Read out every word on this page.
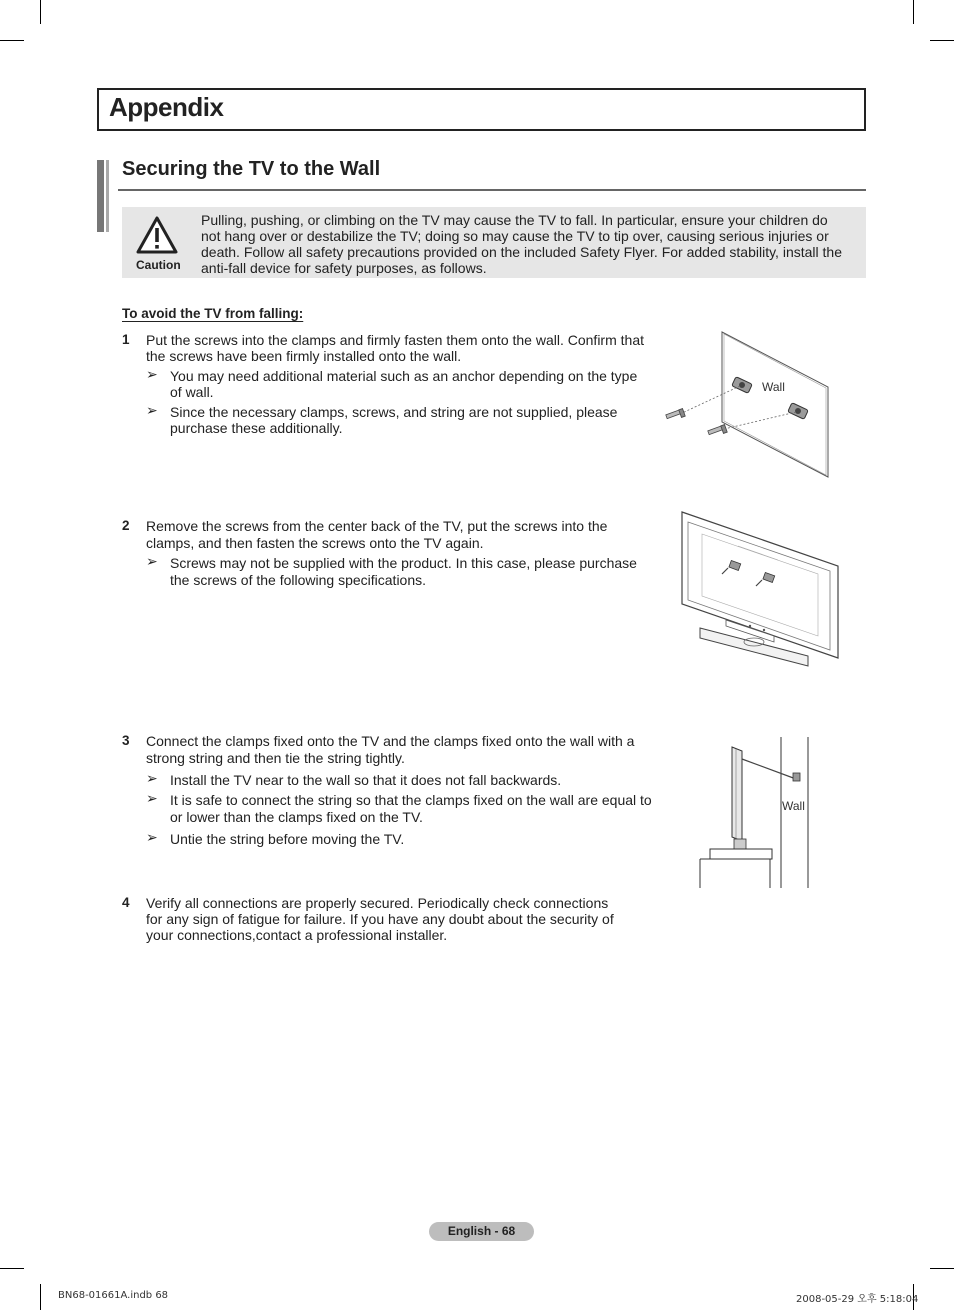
Appendix
Securing the TV to the Wall
Caution
Pulling, pushing, or climbing on the TV may cause the TV to fall. In particular, ensure your children do not hang over or destabilize the TV; doing so may cause the TV to tip over, causing serious injuries or death. Follow all safety precautions provided on the included Safety Flyer. For added stability, install the anti-fall device for safety purposes, as follows.
To avoid the TV from falling:
1 Put the screws into the clamps and firmly fasten them onto the wall. Confirm that the screws have been firmly installed onto the wall.
➢ You may need additional material such as an anchor depending on the type of wall.
➢ Since the necessary clamps, screws, and string are not supplied, please purchase these additionally.
Wall
2 Remove the screws from the center back of the TV, put the screws into the clamps, and then fasten the screws onto the TV again.
➢ Screws may not be supplied with the product. In this case, please purchase the screws of the following specifications.
3 Connect the clamps fixed onto the TV and the clamps fixed onto the wall with a strong string and then tie the string tightly.
➢ Install the TV near to the wall so that it does not fall backwards.
➢ It is safe to connect the string so that the clamps fixed on the wall are equal to or lower than the clamps fixed on the TV.
➢ Untie the string before moving the TV.
Wall
4 Verify all connections are properly secured. Periodically check connections for any sign of fatigue for failure. If you have any doubt about the security of your connections,contact a professional installer.
English - 68
BN68-01661A.indb 68	2008-05-29 오후 5:18:04
